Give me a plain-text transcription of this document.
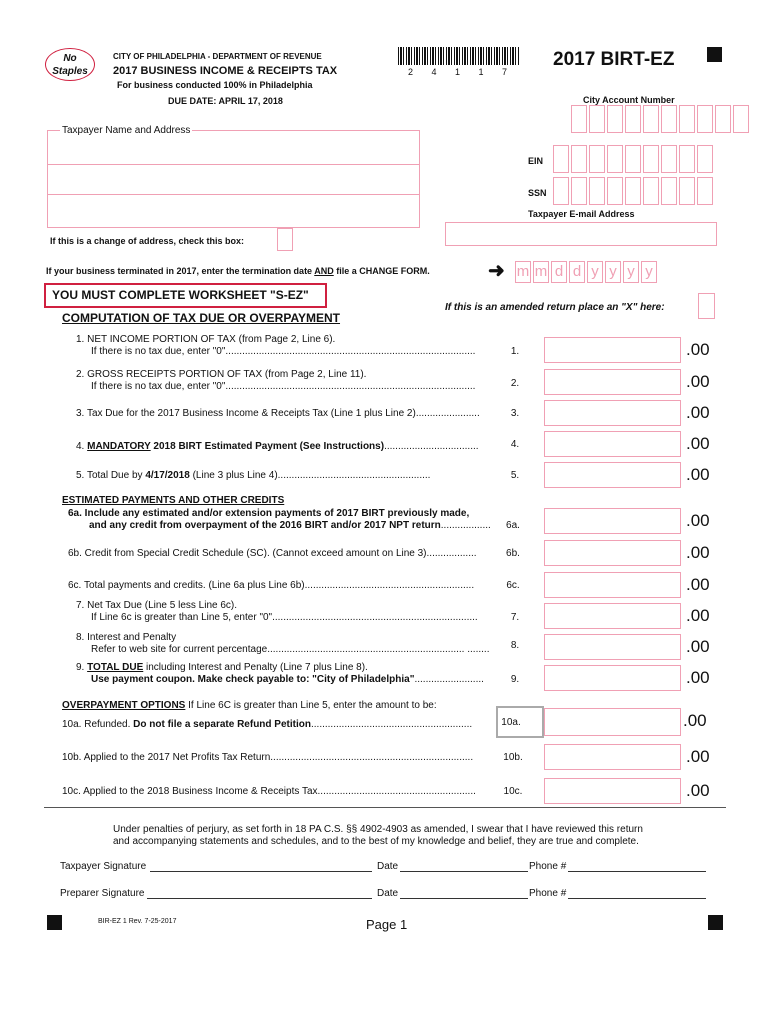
No
Staples
CITY OF PHILADELPHIA - DEPARTMENT OF REVENUE
2017 BUSINESS INCOME & RECEIPTS TAX
For business conducted 100% in Philadelphia
DUE DATE: APRIL 17, 2018
2 4 1 1 7
2017 BIRT-EZ
City Account Number
Taxpayer Name and Address
EIN
SSN
Taxpayer E-mail Address
If this is a change of address, check this box:
If your business terminated in 2017, enter the termination date AND file a CHANGE FORM.	➜ m m d d y y y y
YOU MUST COMPLETE WORKSHEET "S-EZ"
If this is an amended return place an "X" here:
COMPUTATION OF TAX DUE OR OVERPAYMENT
1. NET INCOME PORTION OF TAX (from Page 2, Line 6).
If there is no tax due, enter "0"..........................................................................................	1.	.00
2. GROSS RECEIPTS PORTION OF TAX (from Page 2, Line 11).
If there is no tax due, enter "0"..........................................................................................	2.	.00
3. Tax Due for the 2017 Business Income & Receipts Tax (Line 1 plus Line 2).......................	3.	.00
4. MANDATORY 2018 BIRT Estimated Payment (See Instructions)..................................	4.	.00
5. Total Due by 4/17/2018 (Line 3 plus Line 4).......................................................	5.	.00
ESTIMATED PAYMENTS AND OTHER CREDITS
6a. Include any estimated and/or extension payments of 2017 BIRT previously made,
and any credit from overpayment of the 2016 BIRT and/or 2017 NPT return..................	6a.	.00
6b. Credit from Special Credit Schedule (SC). (Cannot exceed amount on Line 3)..................	6b.	.00
6c. Total payments and credits. (Line 6a plus Line 6b).............................................................	6c.	.00
7. Net Tax Due (Line 5 less Line 6c).
If Line 6c is greater than Line 5, enter "0"..........................................................................	7.	.00
8. Interest and Penalty
Refer to web site for current percentage....................................................................... ........	8.	.00
9. TOTAL DUE including Interest and Penalty (Line 7 plus Line 8).
Use payment coupon. Make check payable to: "City of Philadelphia".........................	9.	.00
OVERPAYMENT OPTIONS If Line 6C is greater than Line 5, enter the amount to be:
10a. Refunded. Do not file a separate Refund Petition..........................................................	10a.	.00
10b. Applied to the 2017 Net Profits Tax Return.........................................................................	10b.	.00
10c. Applied to the 2018 Business Income & Receipts Tax.........................................................	10c.	.00
Under penalties of perjury, as set forth in 18 PA C.S. §§ 4902-4903 as amended, I swear that I have reviewed this return
and accompanying statements and schedules, and to the best of my knowledge and belief, they are true and complete.
Taxpayer Signature	Date	Phone #
Preparer Signature	Date	Phone #
BIR-EZ 1 Rev. 7-25-2017	Page 1
